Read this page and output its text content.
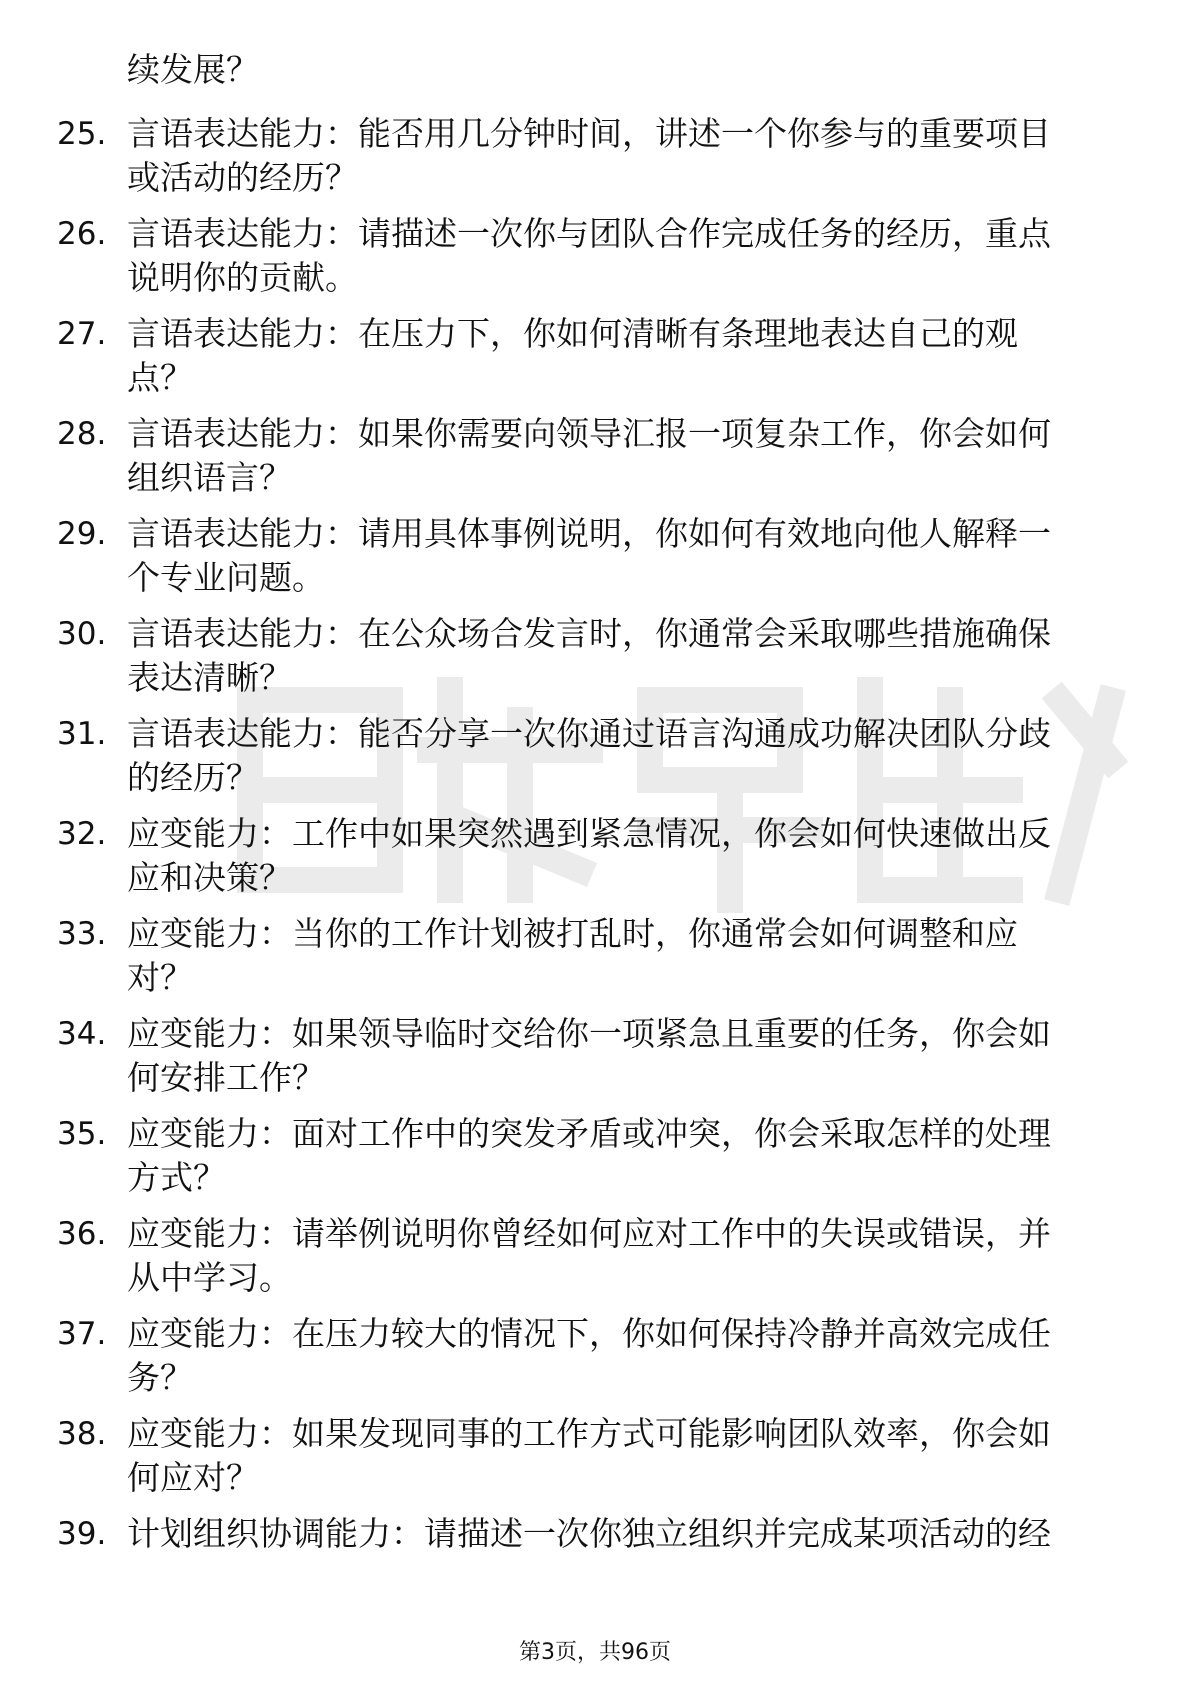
续发展？
25. 言语表达能力：能否用几分钟时间，讲述一个你参与的重要项目
或活动的经历？
26. 言语表达能力：请描述一次你与团队合作完成任务的经历，重点
说明你的贡献。
27. 言语表达能力：在压力下，你如何清晰有条理地表达自己的观
点？
28. 言语表达能力：如果你需要向领导汇报一项复杂工作，你会如何
组织语言？
29. 言语表达能力：请用具体事例说明，你如何有效地向他人解释一
个专业问题。
30. 言语表达能力：在公众场合发言时，你通常会采取哪些措施确保
表达清晰？
31. 言语表达能力：能否分享一次你通过语言沟通成功解决团队分歧
的经历？
32. 应变能力：工作中如果突然遇到紧急情况，你会如何快速做出反
应和决策？
33. 应变能力：当你的工作计划被打乱时，你通常会如何调整和应
对？
34. 应变能力：如果领导临时交给你一项紧急且重要的任务，你会如
何安排工作？
35. 应变能力：面对工作中的突发矛盾或冲突，你会采取怎样的处理
方式？
36. 应变能力：请举例说明你曾经如何应对工作中的失误或错误，并
从中学习。
37. 应变能力：在压力较大的情况下，你如何保持冷静并高效完成任
务？
38. 应变能力：如果发现同事的工作方式可能影响团队效率，你会如
何应对？
39. 计划组织协调能力：请描述一次你独立组织并完成某项活动的经
第3页，共96页
